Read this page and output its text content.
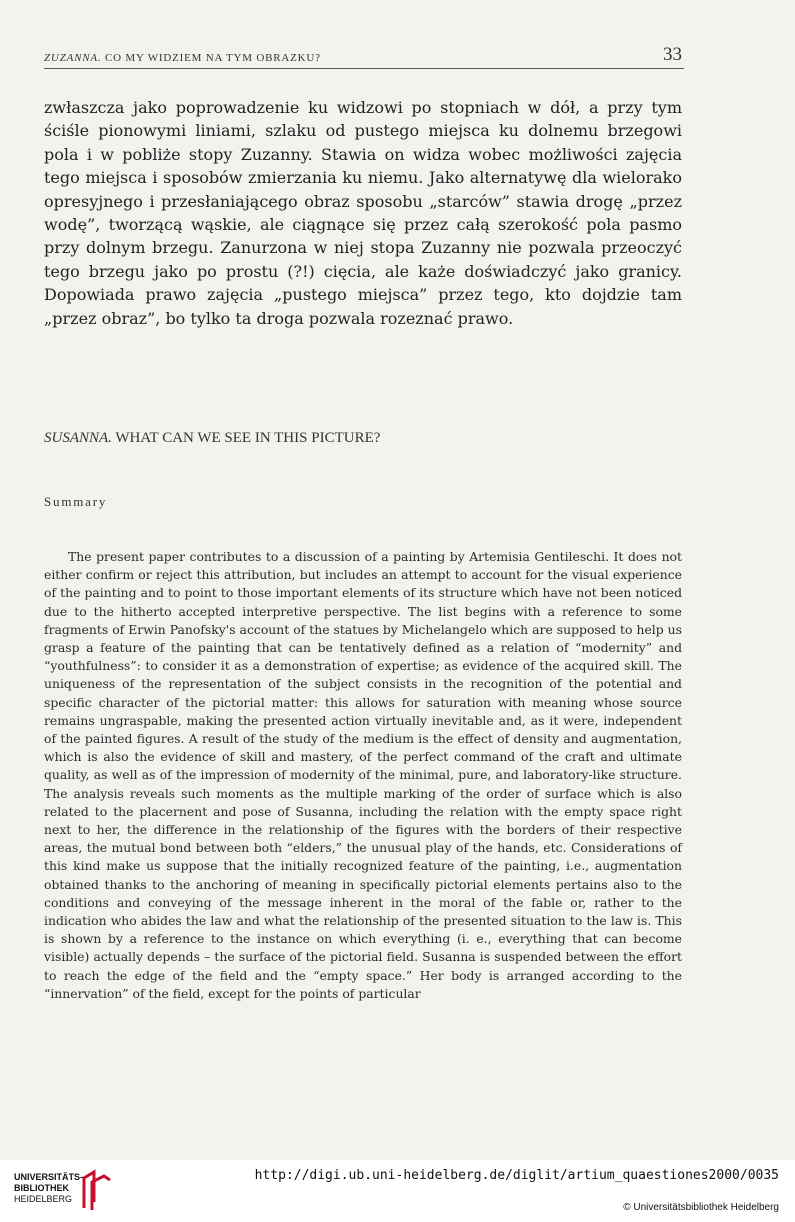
ZUZANNA. CO MY WIDZIEM NA TYM OBRAZKU?	33

zwłaszcza jako poprowadzenie ku widzowi po stopniach w dół, a przy tym ściśle pionowymi liniami, szlaku od pustego miejsca ku dolnemu brzegowi pola i w pobliże stopy Zuzanny. Stawia on widza wobec możliwości zajęcia tego miejsca i sposobów zmierzania ku niemu. Jako alternatywę dla wielorako opresyjnego i przesłaniającego obraz sposobu „starców” stawia drogę „przez wodę”, tworzącą wąskie, ale ciągnące się przez całą szerokość pola pasmo przy dolnym brzegu. Zanurzona w niej stopa Zuzanny nie pozwala przeoczyć tego brzegu jako po prostu (?!) cięcia, ale każe doświadczyć jako granicy. Dopowiada prawo zajęcia „pustego miejsca” przez tego, kto dojdzie tam „przez obraz”, bo tylko ta droga pozwala rozeznać prawo.

SUSANNA. WHAT CAN WE SEE IN THIS PICTURE?
Summary

The present paper contributes to a discussion of a painting by Artemisia Gentileschi. It does not either confirm or reject this attribution, but includes an attempt to account for the visual experience of the painting and to point to those important elements of its structure which have not been noticed due to the hitherto accepted interpretive perspective. The list begins with a reference to some fragments of Erwin Panofsky's account of the statues by Michelangelo which are supposed to help us grasp a feature of the painting that can be tentatively defined as a relation of “modernity” and “youthfulness”: to consider it as a demonstration of expertise; as evidence of the acquired skill. The uniqueness of the representation of the subject consists in the recognition of the potential and specific character of the pictorial matter: this allows for saturation with meaning whose source remains ungraspable, making the presented action virtually inevitable and, as it were, independent of the painted figures. A result of the study of the medium is the effect of density and augmentation, which is also the evidence of skill and mastery, of the perfect command of the craft and ultimate quality, as well as of the impression of modernity of the minimal, pure, and laboratory-like structure. The analysis reveals such moments as the multiple marking of the order of surface which is also related to the placernent and pose of Susanna, including the relation with the empty space right next to her, the difference in the relationship of the figures with the borders of their respective areas, the mutual bond between both “elders,” the unusual play of the hands, etc. Considerations of this kind make us suppose that the initially recognized feature of the painting, i.e., augmentation obtained thanks to the anchoring of meaning in specifically pictorial elements pertains also to the conditions and conveying of the message inherent in the moral of the fable or, rather to the indication who abides the law and what the relationship of the presented situation to the law is. This is shown by a reference to the instance on which everything (i. e., everything that can become visible) actually depends – the surface of the pictorial field. Susanna is suspended between the effort to reach the edge of the field and the “empty space.” Her body is arranged according to the “innervation” of the field, except for the points of particular

UNIVERSITÄTS-
BIBLIOTHEK
HEIDELBERG
http://digi.ub.uni-heidelberg.de/diglit/artium_quaestiones2000/0035
© Universitätsbibliothek Heidelberg
